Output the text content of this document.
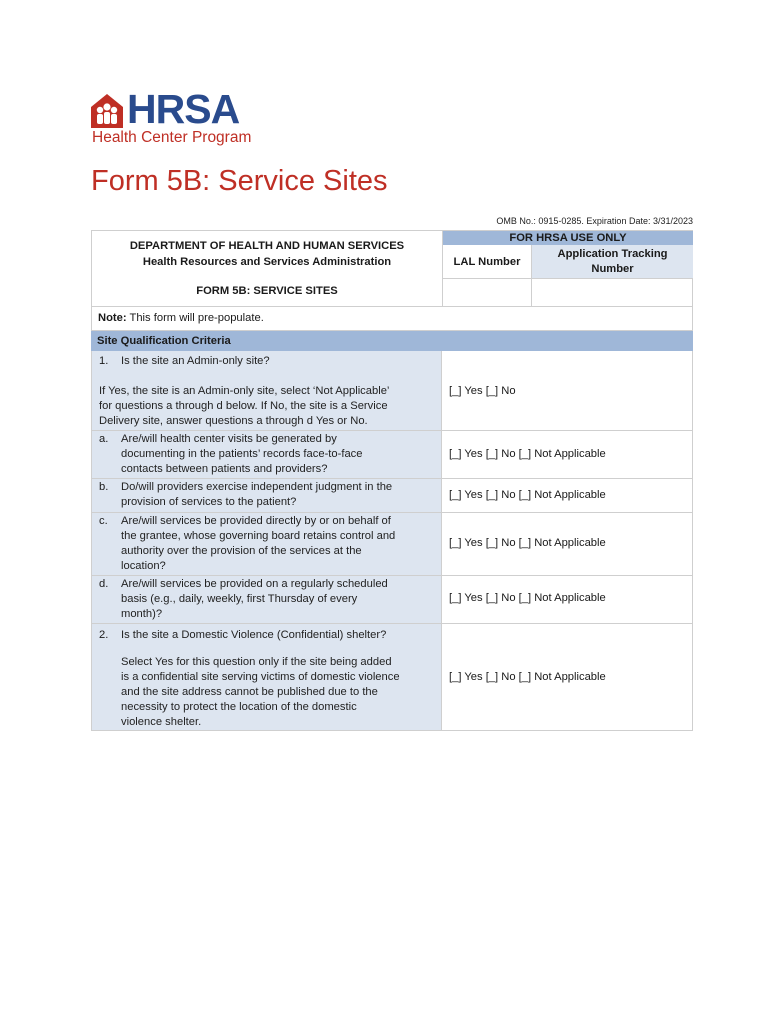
HRSA
Health Center Program
Form 5B: Service Sites
OMB No.: 0915-0285. Expiration Date: 3/31/2023
DEPARTMENT OF HEALTH AND HUMAN SERVICES
Health Resources and Services Administration
FORM 5B: SERVICE SITES
FOR HRSA USE ONLY
LAL Number
Application Tracking
Number
Note: This form will pre-populate.
Site Qualification Criteria
1. Is the site an Admin-only site?
If Yes, the site is an Admin-only site, select ‘Not Applicable’
for questions a through d below. If No, the site is a Service
Delivery site, answer questions a through d Yes or No.
[_] Yes [_] No
a. Are/will health center visits be generated by
documenting in the patients’ records face-to-face
contacts between patients and providers?
[_] Yes [_] No [_] Not Applicable
b. Do/will providers exercise independent judgment in the
provision of services to the patient?
[_] Yes [_] No [_] Not Applicable
c. Are/will services be provided directly by or on behalf of
the grantee, whose governing board retains control and
authority over the provision of the services at the
location?
[_] Yes [_] No [_] Not Applicable
d. Are/will services be provided on a regularly scheduled
basis (e.g., daily, weekly, first Thursday of every
month)?
[_] Yes [_] No [_] Not Applicable
2. Is the site a Domestic Violence (Confidential) shelter?
Select Yes for this question only if the site being added
is a confidential site serving victims of domestic violence
and the site address cannot be published due to the
necessity to protect the location of the domestic
violence shelter.
[_] Yes [_] No [_] Not Applicable
